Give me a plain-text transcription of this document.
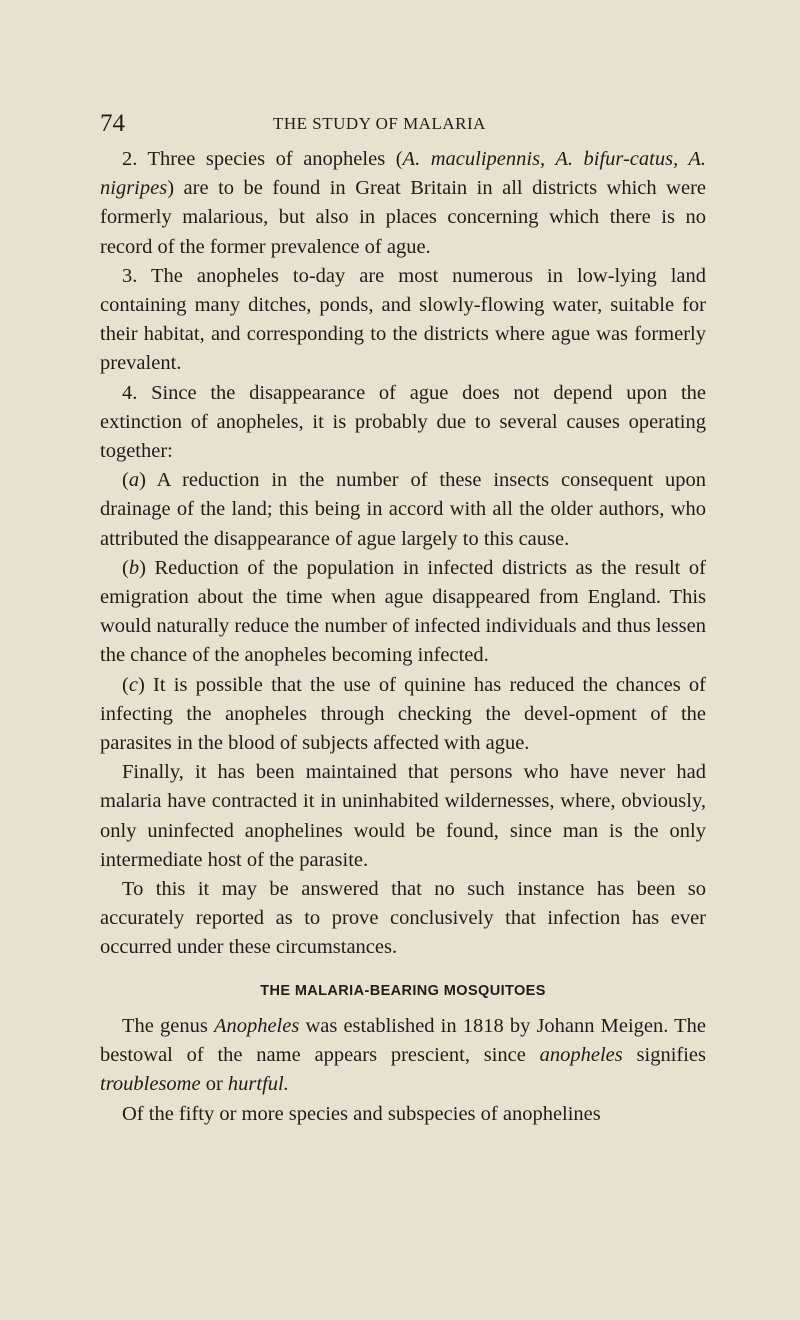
74	THE STUDY OF MALARIA

2. Three species of anopheles (A. maculipennis, A. bifur-catus, A. nigripes) are to be found in Great Britain in all districts which were formerly malarious, but also in places concerning which there is no record of the former prevalence of ague.

3. The anopheles to-day are most numerous in low-lying land containing many ditches, ponds, and slowly-flowing water, suitable for their habitat, and corresponding to the districts where ague was formerly prevalent.

4. Since the disappearance of ague does not depend upon the extinction of anopheles, it is probably due to several causes operating together:

(a) A reduction in the number of these insects consequent upon drainage of the land; this being in accord with all the older authors, who attributed the disappearance of ague largely to this cause.

(b) Reduction of the population in infected districts as the result of emigration about the time when ague disappeared from England. This would naturally reduce the number of infected individuals and thus lessen the chance of the anopheles becoming infected.

(c) It is possible that the use of quinine has reduced the chances of infecting the anopheles through checking the devel-opment of the parasites in the blood of subjects affected with ague.

Finally, it has been maintained that persons who have never had malaria have contracted it in uninhabited wildernesses, where, obviously, only uninfected anophelines would be found, since man is the only intermediate host of the parasite.

To this it may be answered that no such instance has been so accurately reported as to prove conclusively that infection has ever occurred under these circumstances.

THE MALARIA-BEARING MOSQUITOES

The genus Anopheles was established in 1818 by Johann Meigen. The bestowal of the name appears prescient, since anopheles signifies troublesome or hurtful.

Of the fifty or more species and subspecies of anophelines
